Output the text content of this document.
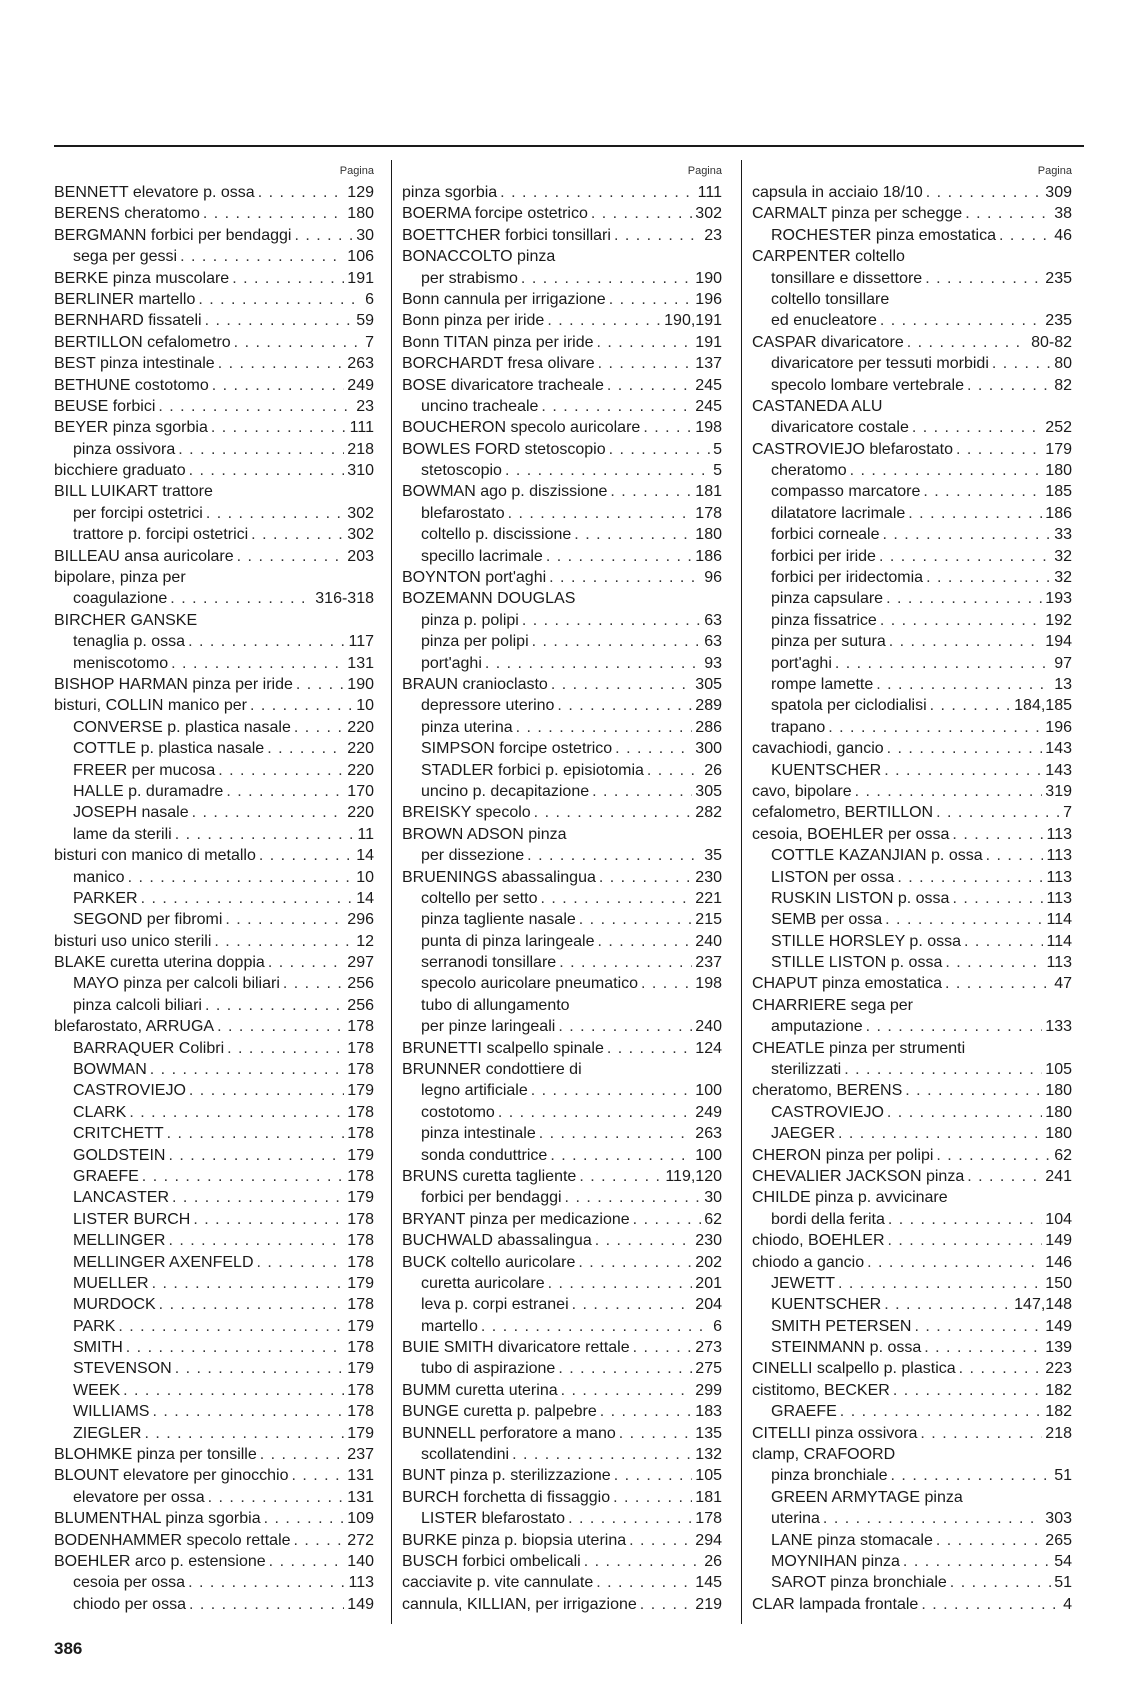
Pagina
BENNETT elevatore p. ossa . . .	129
BERENS cheratomo . . .	180
BERGMANN forbici per bendaggi . . .	30
sega per gessi . . .	106
BERKE pinza muscolare . . .	191
BERLINER martello . . .	6
BERNHARD fissateli . . .	59
BERTILLON cefalometro . . .	7
BEST pinza intestinale . . .	263
BETHUNE costotomo . . .	249
BEUSE forbici . . .	23
BEYER pinza sgorbia . . .	111
pinza ossivora . . .	218
bicchiere graduato . . .	310
BILL LUIKART trattore
per forcipi ostetrici . . .	302
trattore p. forcipi ostetrici . . .	302
BILLEAU ansa auricolare . . .	203
bipolare, pinza per
coagulazione . . .	316-318
BIRCHER GANSKE
tenaglia p. ossa . . .	117
meniscotomo . . .	131
BISHOP HARMAN pinza per iride . . .	190
bisturi, COLLIN manico per . . .	10
CONVERSE p. plastica nasale . . .	220
COTTLE p. plastica nasale . . .	220
FREER per mucosa . . .	220
HALLE p. duramadre . . .	170
JOSEPH nasale . . .	220
lame da sterili . . .	11
bisturi con manico di metallo . . .	14
manico . . .	10
PARKER . . .	14
SEGOND per fibromi . . .	296
bisturi uso unico sterili . . .	12
BLAKE curetta uterina doppia . . .	297
MAYO pinza per calcoli biliari . . .	256
pinza calcoli biliari . . .	256
blefarostato, ARRUGA . . .	178
BARRAQUER Colibri . . .	178
BOWMAN . . .	178
CASTROVIEJO . . .	179
CLARK . . .	178
CRITCHETT . . .	178
GOLDSTEIN . . .	179
GRAEFE . . .	178
LANCASTER . . .	179
LISTER BURCH . . .	178
MELLINGER . . .	178
MELLINGER AXENFELD . . .	178
MUELLER . . .	179
MURDOCK . . .	178
PARK . . .	179
SMITH . . .	178
STEVENSON . . .	179
WEEK . . .	178
WILLIAMS . . .	178
ZIEGLER . . .	179
BLOHMKE pinza per tonsille . . .	237
BLOUNT elevatore per ginocchio . . .	131
elevatore per ossa . . .	131
BLUMENTHAL pinza sgorbia . . .	109
BODENHAMMER specolo rettale . . .	272
BOEHLER arco p. estensione . . .	140
cesoia per ossa . . .	113
chiodo per ossa . . .	149
Pagina
pinza sgorbia . . .	111
BOERMA forcipe ostetrico . . .	302
BOETTCHER forbici tonsillari . . .	23
BONACCOLTO pinza
per strabismo . . .	190
Bonn cannula per irrigazione . . .	196
Bonn pinza per iride . . .	190,191
Bonn TITAN pinza per iride . . .	191
BORCHARDT fresa olivare . . .	137
BOSE divaricatore tracheale . . .	245
uncino tracheale . . .	245
BOUCHERON specolo auricolare . . .	198
BOWLES FORD stetoscopio . . .	5
stetoscopio . . .	5
BOWMAN ago p. diszissione . . .	181
blefarostato . . .	178
coltello p. discissione . . .	180
specillo lacrimale . . .	186
BOYNTON port'aghi . . .	96
BOZEMANN DOUGLAS
pinza p. polipi . . .	63
pinza per polipi . . .	63
port'aghi . . .	93
BRAUN cranioclasto . . .	305
depressore uterino . . .	289
pinza uterina . . .	286
SIMPSON forcipe ostetrico . . .	300
STADLER forbici p. episiotomia . . .	26
uncino p. decapitazione . . .	305
BREISKY specolo . . .	282
BROWN ADSON pinza
per dissezione . . .	35
BRUENINGS abassalingua . . .	230
coltello per setto . . .	221
pinza tagliente nasale . . .	215
punta di pinza laringeale . . .	240
serranodi tonsillare . . .	237
specolo auricolare pneumatico . . .	198
tubo di allungamento
per pinze laringeali . . .	240
BRUNETTI scalpello spinale . . .	124
BRUNNER condottiere di
legno artificiale . . .	100
costotomo . . .	249
pinza intestinale . . .	263
sonda conduttrice . . .	100
BRUNS curetta tagliente . . .	119,120
forbici per bendaggi . . .	30
BRYANT pinza per medicazione . . .	62
BUCHWALD abassalingua . . .	230
BUCK coltello auricolare . . .	202
curetta auricolare . . .	201
leva p. corpi estranei . . .	204
martello . . .	6
BUIE SMITH divaricatore rettale . . .	273
tubo di aspirazione . . .	275
BUMM curetta uterina . . .	299
BUNGE curetta p. palpebre . . .	183
BUNNELL perforatore a mano . . .	135
scollatendini . . .	132
BUNT pinza p. sterilizzazione . . .	105
BURCH forchetta di fissaggio . . .	181
LISTER blefarostato . . .	178
BURKE pinza p. biopsia uterina . . .	294
BUSCH forbici ombelicali . . .	26
cacciavite p. vite cannulate . . .	145
cannula, KILLIAN, per irrigazione . . .	219
Pagina
capsula in acciaio 18/10 . . .	309
CARMALT pinza per schegge . . .	38
ROCHESTER pinza emostatica . . .	46
CARPENTER coltello
tonsillare e dissettore . . .	235
coltello tonsillare
ed enucleatore . . .	235
CASPAR divaricatore . . .	80-82
divaricatore per tessuti morbidi . . .	80
specolo lombare vertebrale . . .	82
CASTANEDA ALU
divaricatore costale . . .	252
CASTROVIEJO blefarostato . . .	179
cheratomo . . .	180
compasso marcatore . . .	185
dilatatore lacrimale . . .	186
forbici corneale . . .	33
forbici per iride . . .	32
forbici per iridectomia . . .	32
pinza capsulare . . .	193
pinza fissatrice . . .	192
pinza per sutura . . .	194
port'aghi . . .	97
rompe lamette . . .	13
spatola per ciclodialisi . . .	184,185
trapano . . .	196
cavachiodi, gancio . . .	143
KUENTSCHER . . .	143
cavo, bipolare . . .	319
cefalometro, BERTILLON . . .	7
cesoia, BOEHLER per ossa . . .	113
COTTLE KAZANJIAN p. ossa . . .	113
LISTON per ossa . . .	113
RUSKIN LISTON p. ossa . . .	113
SEMB per ossa . . .	114
STILLE HORSLEY p. ossa . . .	114
STILLE LISTON p. ossa . . .	113
CHAPUT pinza emostatica . . .	47
CHARRIERE sega per
amputazione . . .	133
CHEATLE pinza per strumenti
sterilizzati . . .	105
cheratomo, BERENS . . .	180
CASTROVIEJO . . .	180
JAEGER . . .	180
CHERON pinza per polipi . . .	62
CHEVALIER JACKSON pinza . . .	241
CHILDE pinza p. avvicinare
bordi della ferita . . .	104
chiodo, BOEHLER . . .	149
chiodo a gancio . . .	146
JEWETT . . .	150
KUENTSCHER . . .	147,148
SMITH PETERSEN . . .	149
STEINMANN p. ossa . . .	139
CINELLI scalpello p. plastica . . .	223
cistitomo, BECKER . . .	182
GRAEFE . . .	182
CITELLI pinza ossivora . . .	218
clamp, CRAFOORD
pinza bronchiale . . .	51
GREEN ARMYTAGE pinza
uterina . . .	303
LANE pinza stomacale . . .	265
MOYNIHAN pinza . . .	54
SAROT pinza bronchiale . . .	51
CLAR lampada frontale . . .	4
386
